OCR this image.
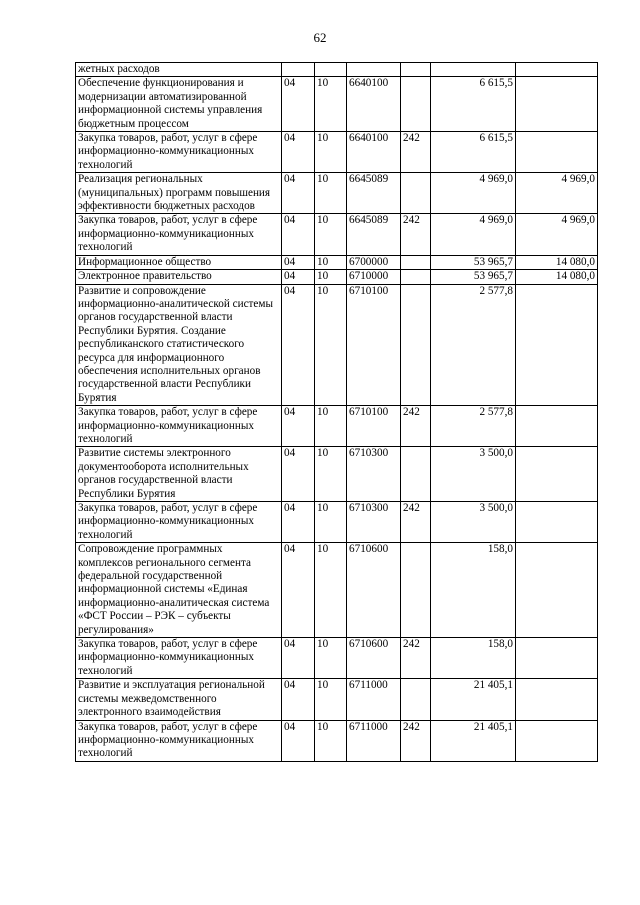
62
жетных расходов						
Обеспечение функционирования и модернизации автоматизированной информационной системы управления бюджетным процессом	04	10	6640100		6 615,5	
Закупка товаров, работ, услуг в сфере информационно-коммуникационных технологий	04	10	6640100	242	6 615,5	
Реализация региональных (муниципальных) программ повышения эффективности бюджетных расходов	04	10	6645089		4 969,0	4 969,0
Закупка товаров, работ, услуг в сфере информационно-коммуникационных технологий	04	10	6645089	242	4 969,0	4 969,0
Информационное общество	04	10	6700000		53 965,7	14 080,0
Электронное правительство	04	10	6710000		53 965,7	14 080,0
Развитие и сопровождение информационно-аналитической системы органов государственной власти Республики Бурятия. Создание республиканского статистического ресурса для информационного обеспечения исполнительных органов государственной власти Республики Бурятия	04	10	6710100		2 577,8	
Закупка товаров, работ, услуг в сфере информационно-коммуникационных технологий	04	10	6710100	242	2 577,8	
Развитие системы электронного документооборота исполнительных органов государственной власти Республики Бурятия	04	10	6710300		3 500,0	
Закупка товаров, работ, услуг в сфере информационно-коммуникационных технологий	04	10	6710300	242	3 500,0	
Сопровождение программных комплексов регионального сегмента федеральной государственной информационной системы «Единая информационно-аналитическая система «ФСТ России – РЭК – субъекты регулирования»	04	10	6710600		158,0	
Закупка товаров, работ, услуг в сфере информационно-коммуникационных технологий	04	10	6710600	242	158,0	
Развитие и эксплуатация региональной системы межведомственного электронного взаимодействия	04	10	6711000		21 405,1	
Закупка товаров, работ, услуг в сфере информационно-коммуникационных технологий	04	10	6711000	242	21 405,1	
